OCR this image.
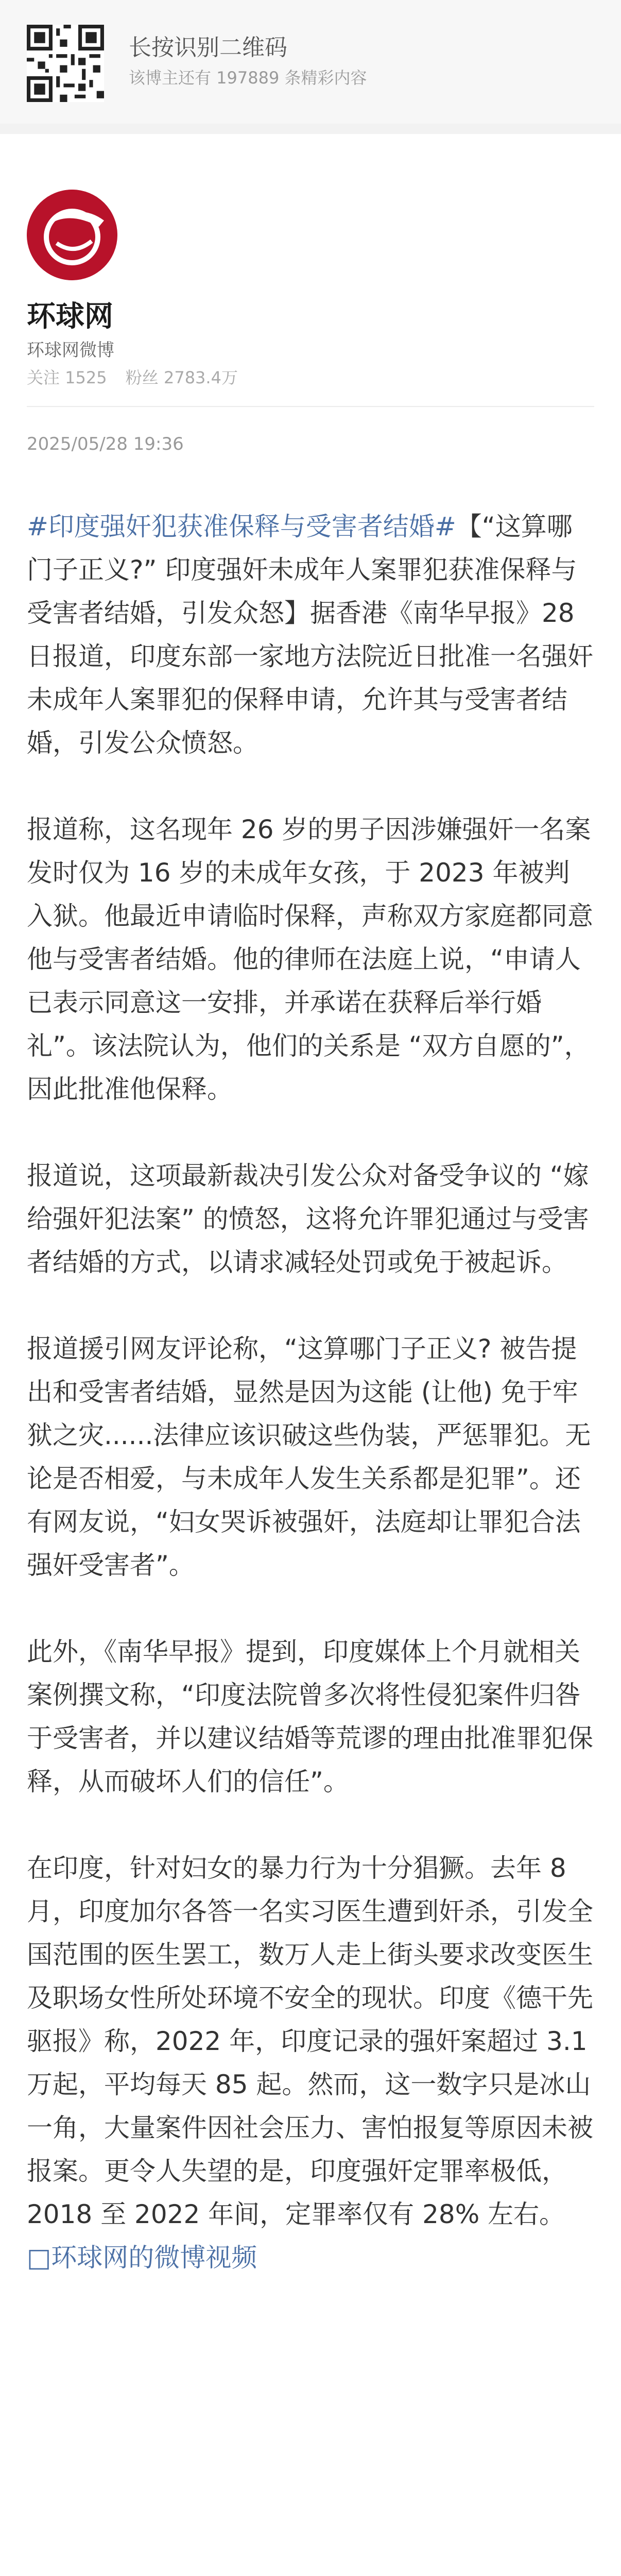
长按识别二维码
该博主还有 197889 条精彩内容
环球网
环球网微博
关注 1525 粉丝 2783.4万
2025/05/28 19:36

#印度强奸犯获准保释与受害者结婚#【“这算哪门子正义?” 印度强奸未成年人案罪犯获准保释与受害者结婚，引发众怒】据香港《南华早报》28日报道，印度东部一家地方法院近日批准一名强奸未成年人案罪犯的保释申请，允许其与受害者结婚，引发公众愤怒。

报道称，这名现年 26 岁的男子因涉嫌强奸一名案发时仅为 16 岁的未成年女孩，于 2023 年被判入狱。他最近申请临时保释，声称双方家庭都同意他与受害者结婚。他的律师在法庭上说，“申请人已表示同意这一安排，并承诺在获释后举行婚礼”。该法院认为，他们的关系是 “双方自愿的”，因此批准他保释。

报道说，这项最新裁决引发公众对备受争议的 “嫁给强奸犯法案” 的愤怒，这将允许罪犯通过与受害者结婚的方式，以请求减轻处罚或免于被起诉。

报道援引网友评论称，“这算哪门子正义? 被告提出和受害者结婚，显然是因为这能 (让他) 免于牢狱之灾......法律应该识破这些伪装，严惩罪犯。无论是否相爱，与未成年人发生关系都是犯罪”。还有网友说，“妇女哭诉被强奸，法庭却让罪犯合法强奸受害者”。

此外，《南华早报》提到，印度媒体上个月就相关案例撰文称，“印度法院曾多次将性侵犯案件归咎于受害者，并以建议结婚等荒谬的理由批准罪犯保释，从而破坏人们的信任”。

在印度，针对妇女的暴力行为十分猖獗。去年 8 月，印度加尔各答一名实习医生遭到奸杀，引发全国范围的医生罢工，数万人走上街头要求改变医生及职场女性所处环境不安全的现状。印度《德干先驱报》称，2022 年，印度记录的强奸案超过 3.1 万起，平均每天 85 起。然而，这一数字只是冰山一角，大量案件因社会压力、害怕报复等原因未被报案。更令人失望的是，印度强奸定罪率极低，2018 至 2022 年间，定罪率仅有 28% 左右。 □环球网的微博视频
